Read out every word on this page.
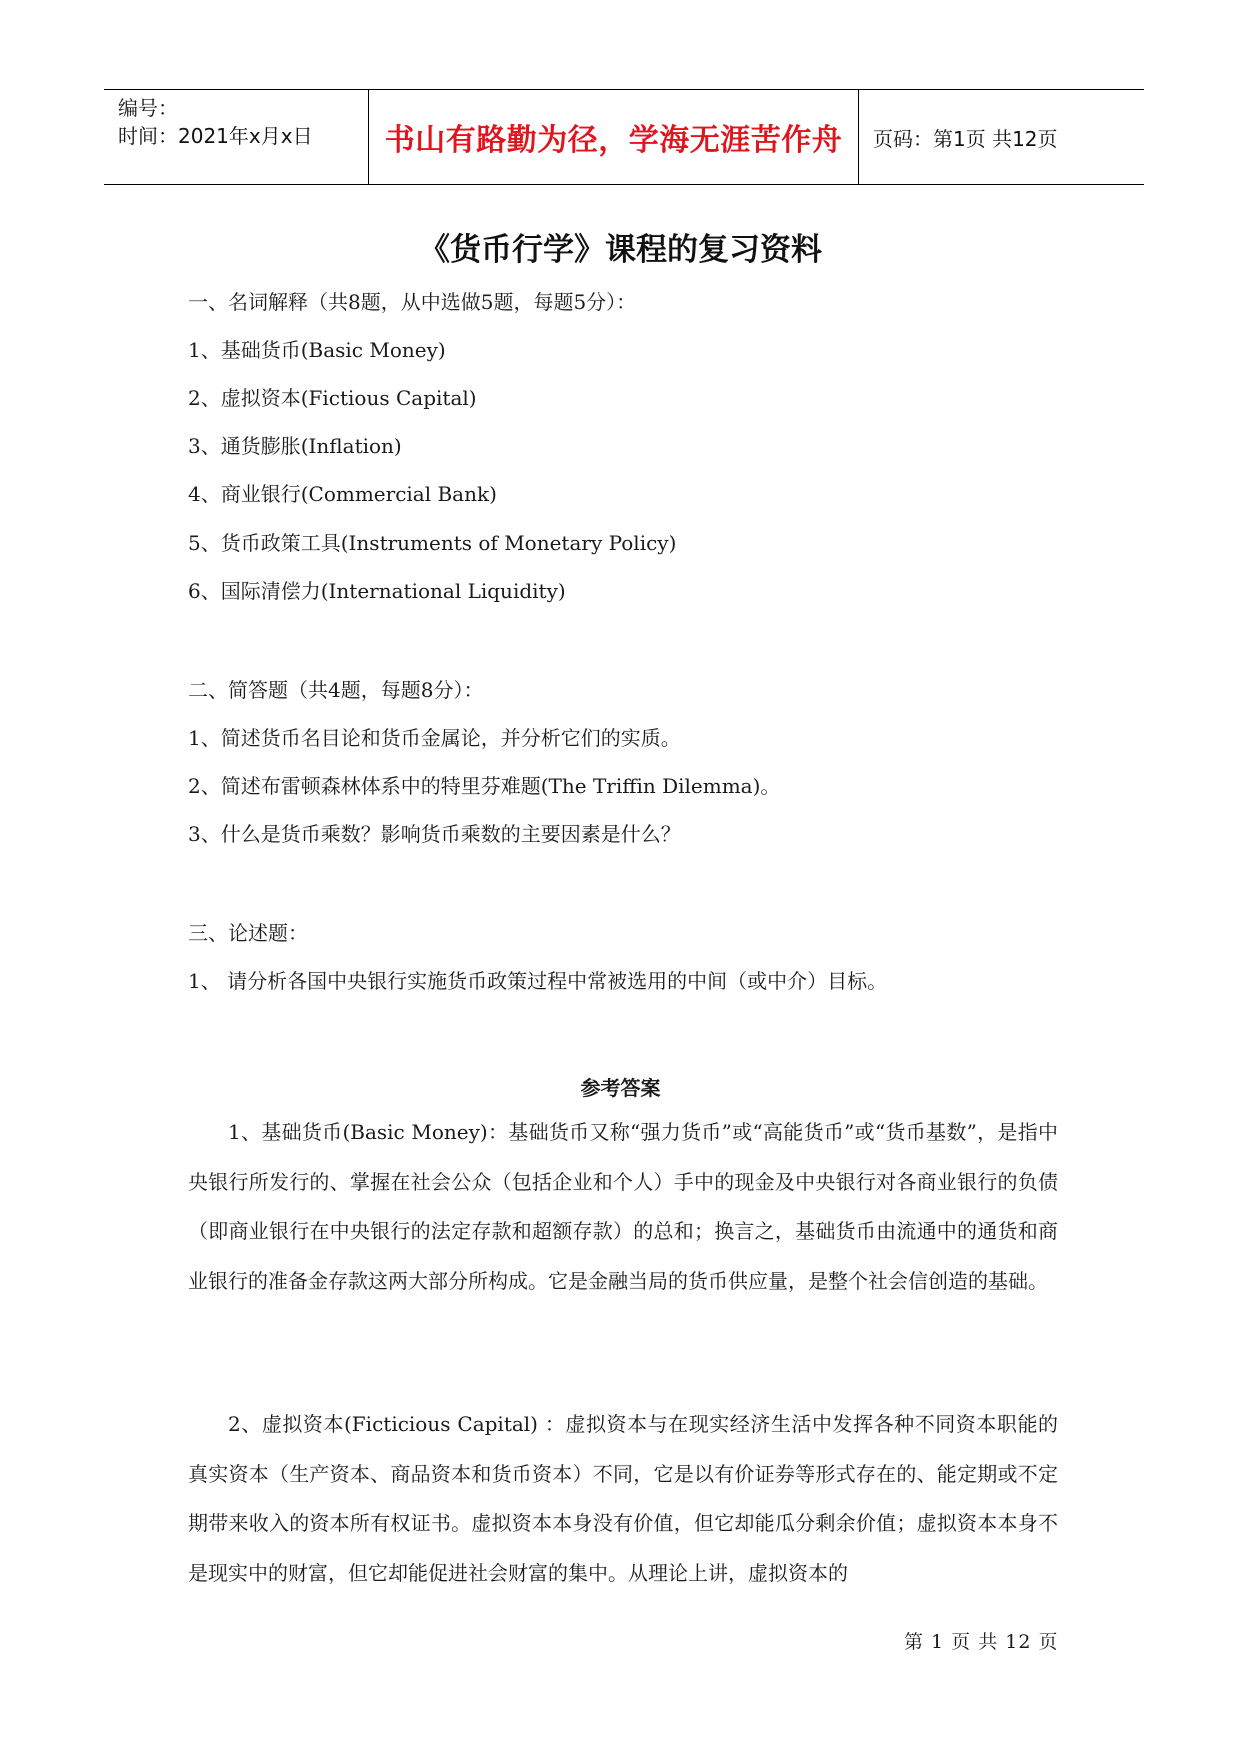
编号：
时间：2021年x月x日	书山有路勤为径，学海无涯苦作舟	页码：第1页 共12页
《货币行学》课程的复习资料
一、名词解释（共8题，从中选做5题，每题5分）：
1、基础货币(Basic Money)
2、虚拟资本(Fictious Capital)
3、通货膨胀(Inflation)
4、商业银行(Commercial Bank)
5、货币政策工具(Instruments of Monetary Policy)
6、国际清偿力(International Liquidity)
二、简答题（共4题，每题8分）：
1、简述货币名目论和货币金属论，并分析它们的实质。
2、简述布雷顿森林体系中的特里芬难题(The Triffin Dilemma)。
3、什么是货币乘数？影响货币乘数的主要因素是什么？
三、论述题：
1、 请分析各国中央银行实施货币政策过程中常被选用的中间（或中介）目标。
参考答案

1、基础货币(Basic Money)：基础货币又称“强力货币”或“高能货币”或“货币基数”，是指中央银行所发行的、掌握在社会公众（包括企业和个人）手中的现金及中央银行对各商业银行的负债（即商业银行在中央银行的法定存款和超额存款）的总和；换言之，基础货币由流通中的通货和商业银行的准备金存款这两大部分所构成。它是金融当局的货币供应量，是整个社会信创造的基础。

2、虚拟资本(Ficticious Capital) ：虚拟资本与在现实经济生活中发挥各种不同资本职能的真实资本（生产资本、商品资本和货币资本）不同，它是以有价证券等形式存在的、能定期或不定期带来收入的资本所有权证书。虚拟资本本身没有价值，但它却能瓜分剩余价值；虚拟资本本身不是现实中的财富，但它却能促进社会财富的集中。从理论上讲，虚拟资本的

第 1 页 共 12 页
